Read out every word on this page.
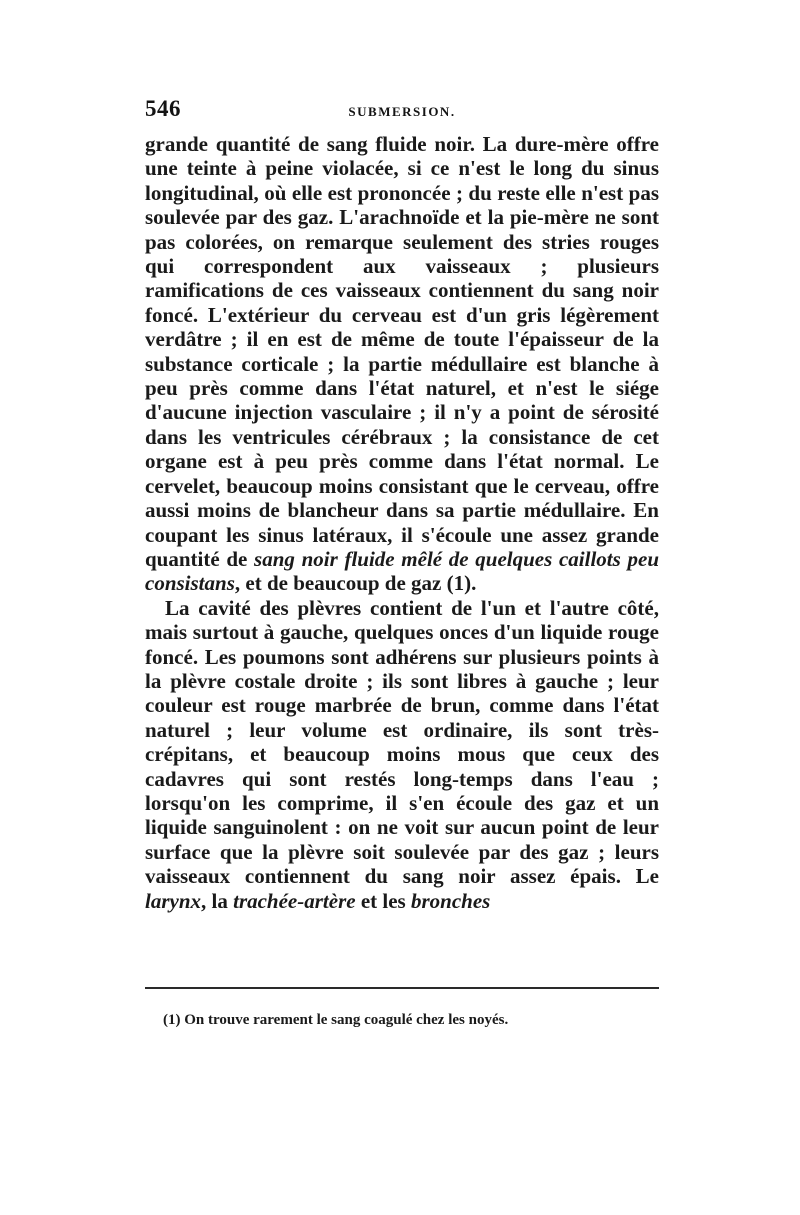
546	SUBMERSION.

grande quantité de sang fluide noir. La dure-mère offre une teinte à peine violacée, si ce n'est le long du sinus longitudinal, où elle est prononcée ; du reste elle n'est pas soulevée par des gaz. L'arachnoïde et la pie-mère ne sont pas colorées, on remarque seulement des stries rouges qui correspondent aux vaisseaux ; plusieurs ramifications de ces vaisseaux contiennent du sang noir foncé. L'extérieur du cerveau est d'un gris légèrement verdâtre ; il en est de même de toute l'épaisseur de la substance corticale ; la partie médullaire est blanche à peu près comme dans l'état naturel, et n'est le siége d'aucune injection vasculaire ; il n'y a point de sérosité dans les ventricules cérébraux ; la consistance de cet organe est à peu près comme dans l'état normal. Le cervelet, beaucoup moins consistant que le cerveau, offre aussi moins de blancheur dans sa partie médullaire. En coupant les sinus latéraux, il s'écoule une assez grande quantité de sang noir fluide mêlé de quelques caillots peu consistans, et de beaucoup de gaz (1).

La cavité des plèvres contient de l'un et l'autre côté, mais surtout à gauche, quelques onces d'un liquide rouge foncé. Les poumons sont adhérens sur plusieurs points à la plèvre costale droite ; ils sont libres à gauche ; leur couleur est rouge marbrée de brun, comme dans l'état naturel ; leur volume est ordinaire, ils sont très-crépitans, et beaucoup moins mous que ceux des cadavres qui sont restés long-temps dans l'eau ; lorsqu'on les comprime, il s'en écoule des gaz et un liquide sanguinolent : on ne voit sur aucun point de leur surface que la plèvre soit soulevée par des gaz ; leurs vaisseaux contiennent du sang noir assez épais. Le larynx, la trachée-artère et les bronches

(1) On trouve rarement le sang coagulé chez les noyés.
